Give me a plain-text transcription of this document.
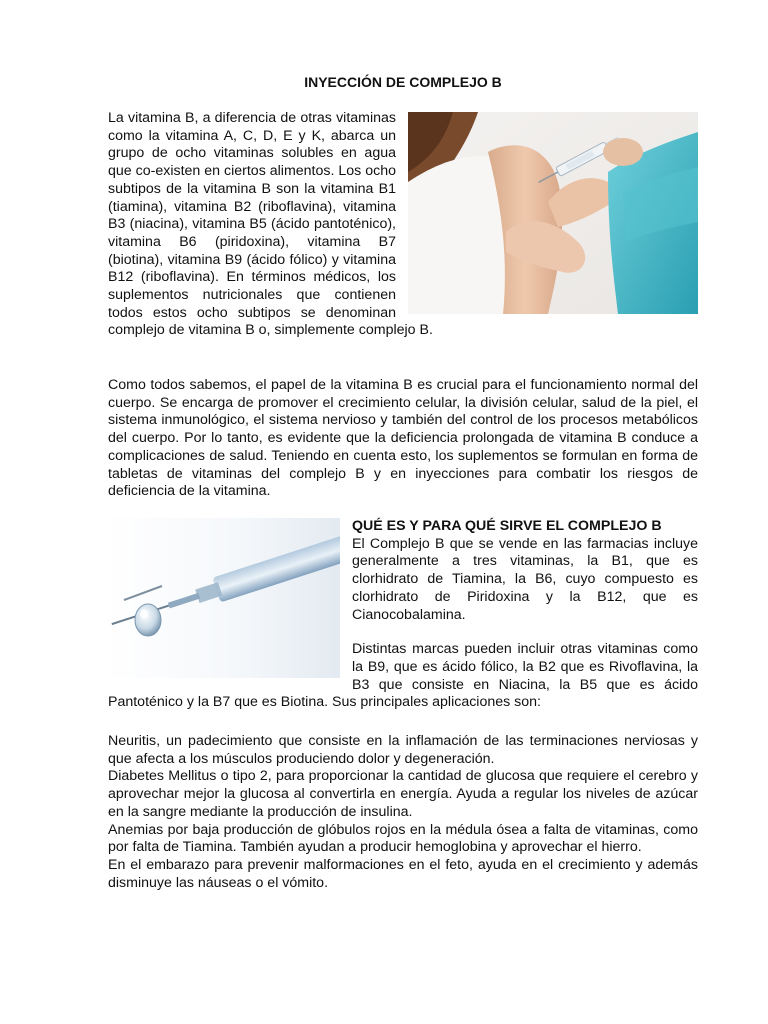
INYECCIÓN DE COMPLEJO B

La vitamina B, a diferencia de otras vitaminas como la vitamina A, C, D, E y K, abarca un grupo de ocho vitaminas solubles en agua que co-existen en ciertos alimentos. Los ocho subtipos de la vitamina B son la vitamina B1 (tiamina), vitamina B2 (riboflavina), vitamina B3 (niacina), vitamina B5 (ácido pantoténico), vitamina B6 (piridoxina), vitamina B7 (biotina), vitamina B9 (ácido fólico) y vitamina B12 (riboflavina). En términos médicos, los suplementos nutricionales que contienen todos estos ocho subtipos se denominan complejo de vitamina B o, simplemente complejo B.

Como todos sabemos, el papel de la vitamina B es crucial para el funcionamiento normal del cuerpo. Se encarga de promover el crecimiento celular, la división celular, salud de la piel, el sistema inmunológico, el sistema nervioso y también del control de los procesos metabólicos del cuerpo. Por lo tanto, es evidente que la deficiencia prolongada de vitamina B conduce a complicaciones de salud. Teniendo en cuenta esto, los suplementos se formulan en forma de tabletas de vitaminas del complejo B y en inyecciones para combatir los riesgos de deficiencia de la vitamina.

QUÉ ES Y PARA QUÉ SIRVE EL COMPLEJO B

El Complejo B que se vende en las farmacias incluye generalmente a tres vitaminas, la B1, que es clorhidrato de Tiamina, la B6, cuyo compuesto es clorhidrato de Piridoxina y la B12, que es Cianocobalamina.

Distintas marcas pueden incluir otras vitaminas como la B9, que es ácido fólico, la B2 que es Rivoflavina, la B3 que consiste en Niacina, la B5 que es ácido Pantoténico y la B7 que es Biotina. Sus principales aplicaciones son:

Neuritis, un padecimiento que consiste en la inflamación de las terminaciones nerviosas y que afecta a los músculos produciendo dolor y degeneración.

Diabetes Mellitus o tipo 2, para proporcionar la cantidad de glucosa que requiere el cerebro y aprovechar mejor la glucosa al convertirla en energía. Ayuda a regular los niveles de azúcar en la sangre mediante la producción de insulina.

Anemias por baja producción de glóbulos rojos en la médula ósea a falta de vitaminas, como por falta de Tiamina. También ayudan a producir hemoglobina y aprovechar el hierro.

En el embarazo para prevenir malformaciones en el feto, ayuda en el crecimiento y además disminuye las náuseas o el vómito.
